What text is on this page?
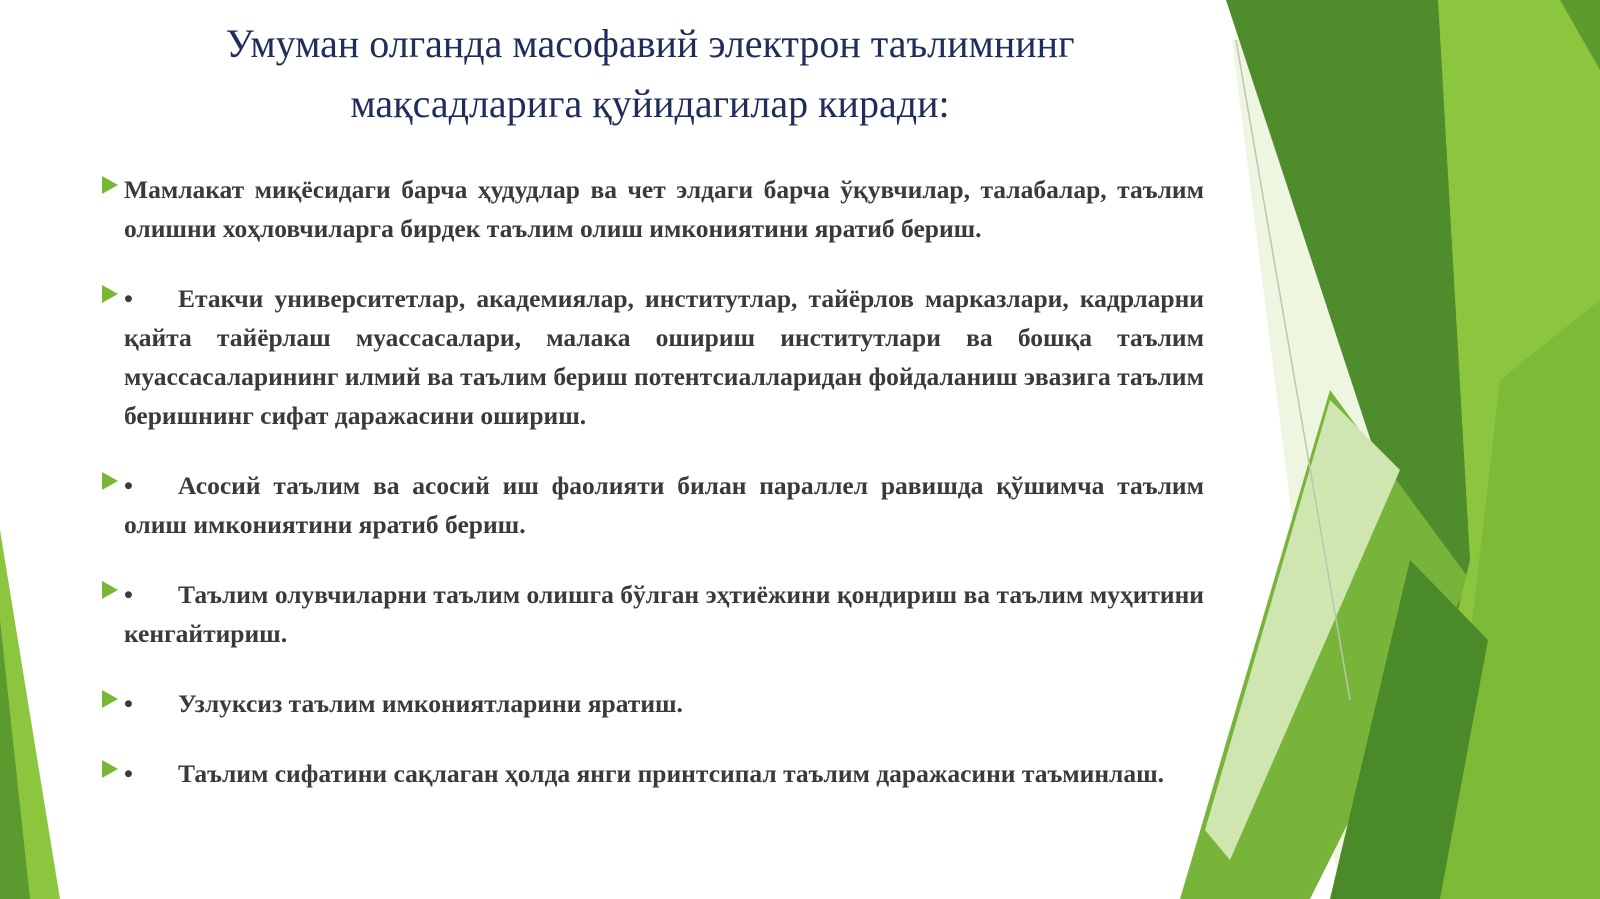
Умуман олганда масофавий электрон таълимнинг
мақсадларига қуйидагилар киради:
Мамлакат миқёсидаги барча ҳудудлар ва чет элдаги барча ўқувчилар, талабалар, таълим олишни хоҳловчиларга бирдек таълим олиш имкониятини яратиб бериш.
• Етакчи университетлар, академиялар, институтлар, тайёрлов марказлари, кадрларни қайта тайёрлаш муассасалари, малака ошириш институтлари ва бошқа таълим муассасаларининг илмий ва таълим бериш потентсиалларидан фойдаланиш эвазига таълим беришнинг сифат даражасини ошириш.
• Асосий таълим ва асосий иш фаолияти билан параллел равишда қўшимча таълим олиш имкониятини яратиб бериш.
• Таълим олувчиларни таълим олишга бўлган эҳтиёжини қондириш ва таълим муҳитини кенгайтириш.
• Узлуксиз таълим имкониятларини яратиш.
• Таълим сифатини сақлаган ҳолда янги принтсипал таълим даражасини таъминлаш.
